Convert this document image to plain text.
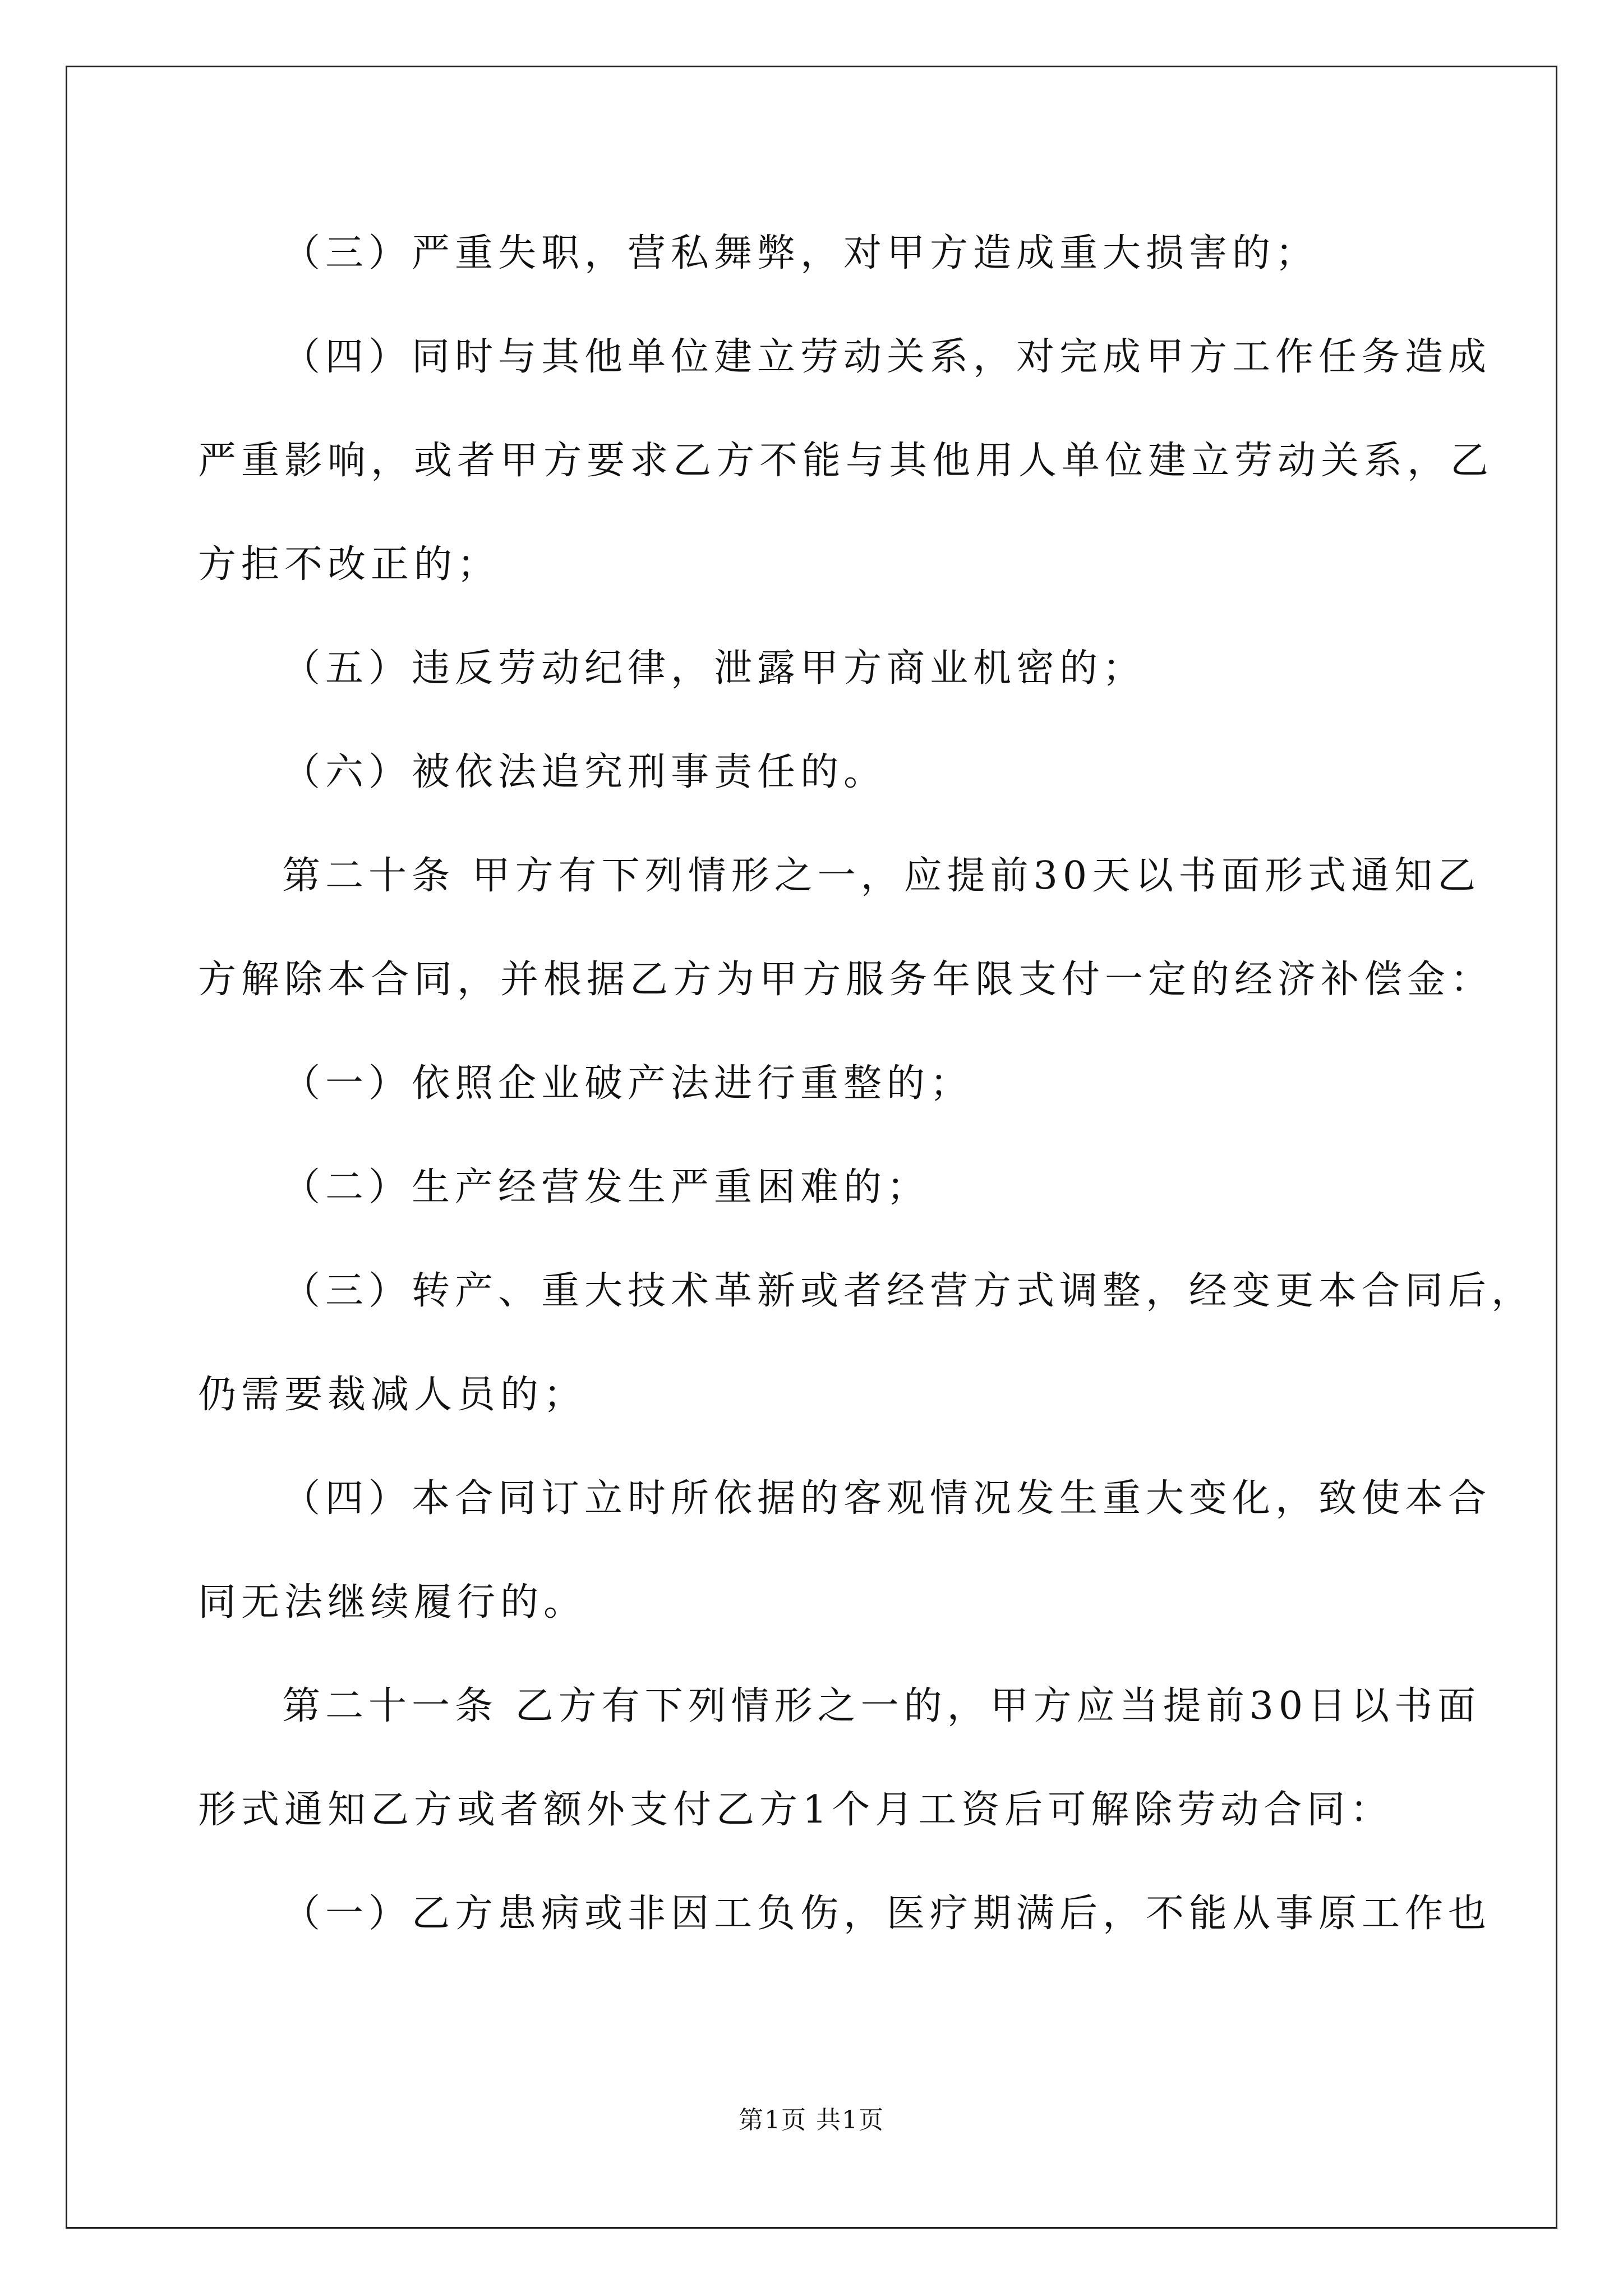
（三）严重失职，营私舞弊，对甲方造成重大损害的；
（四）同时与其他单位建立劳动关系，对完成甲方工作任务造成
严重影响，或者甲方要求乙方不能与其他用人单位建立劳动关系，乙
方拒不改正的；
（五）违反劳动纪律，泄露甲方商业机密的；
（六）被依法追究刑事责任的。
第二十条 甲方有下列情形之一，应提前30天以书面形式通知乙
方解除本合同，并根据乙方为甲方服务年限支付一定的经济补偿金：
（一）依照企业破产法进行重整的；
（二）生产经营发生严重困难的；
（三）转产、重大技术革新或者经营方式调整，经变更本合同后，
仍需要裁减人员的；
（四）本合同订立时所依据的客观情况发生重大变化，致使本合
同无法继续履行的。
第二十一条 乙方有下列情形之一的，甲方应当提前30日以书面
形式通知乙方或者额外支付乙方1个月工资后可解除劳动合同：
（一）乙方患病或非因工负伤，医疗期满后，不能从事原工作也
第1页 共1页
